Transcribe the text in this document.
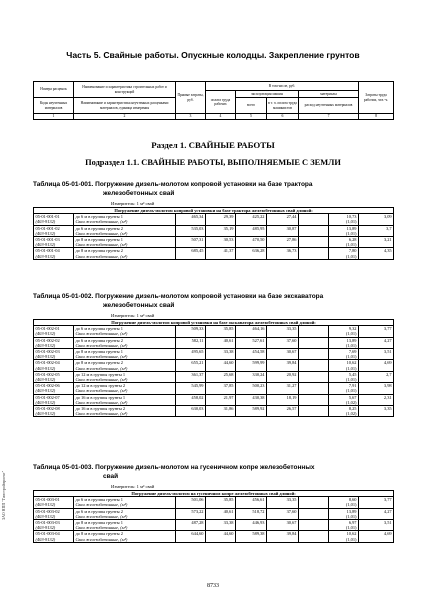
Часть 5. Свайные работы. Опускные колодцы. Закрепление грунтов
Номера расценок	Наименование и характеристика строительных работ и конструкций	Прямые затраты, руб.	В том числе, руб.				Затраты труда рабочих, чел.-ч.
			оплата труда рабочих	эксплуатация машин		материалы	
Коды неучтенных материалов	Наименование и характеристика неучтенных расценками материалов, единица измерения			всего	в т. ч. оплата труда машинистов	расход неучтенных материалов	

1	2	3	4	5	6	7	8
Раздел 1. СВАЙНЫЕ РАБОТЫ
Подраздел 1.1. СВАЙНЫЕ РАБОТЫ, ВЫПОЛНЯЕМЫЕ С ЗЕМЛИ
Таблица 05-01-001. Погружение дизель-молотом копровой установки на базе трактора
железобетонных свай
Измеритель: 1 м³ свай
Погружение дизель-молотом копровой установки на базе трактора железобетонных свай длиной:								
05-01-001-01	до 6 м в группы грунты 1	465,34	29,39	425,22	27,44		10,73	3,09
(403-9132)	Сваи железобетонные, (м³)						(1,01)	
05-01-001-02	до 6 м в группы грунты 2	535,03	35,19	485,95	30,87		13,89	3,7
(403-9132)	Сваи железобетонные, (м³)						(1,01)	
05-01-001-03	до 8 м в группы грунты 1	507,31	30,53	470,50	27,86		6,28	3,21
(403-9132)	Сваи железобетонные, (м³)						(1,01)	
05-01-001-04	до 8 м в группы грунты 2	685,45	41,37	636,28	36,73		7,80	4,35
(403-9132)	Сваи железобетонные, (м³)						(1,01)	
Таблица 05-01-002. Погружение дизель-молотом копровой установки на базе экскаватора
железобетонных свай
Измеритель: 1 м³ свай
Погружение дизель-молотом копровой установки на базе экскаватора железобетонных свай длиной:								
05-01-002-01	до 6 м в группы грунты 1	509,33	35,85	464,16	33,35		9,32	3,77
(403-9132)	Сваи железобетонные, (м³)						(1,01)	
05-01-002-02	до 6 м в группы грунты 2	582,11	40,61	527,61	37,60		13,89	4,27
(403-9132)	Сваи железобетонные, (м³)						(1,01)	
05-01-002-03	до 8 м в группы грунты 1	495,65	33,38	454,58	30,67		7,69	3,51
(403-9132)	Сваи железобетонные, (м³)						(1,01)	
05-01-002-04	до 8 м в группы грунты 2	655,21	44,60	599,99	39,84		10,62	4,69
(403-9132)	Сваи железобетонные, (м³)						(1,01)	
05-01-002-05	до 12 м в группы грунты 1	361,37	25,68	330,24	20,92		5,45	2,7
(403-9132)	Сваи железобетонные, (м³)						(1,01)	
05-01-002-06	до 12 м в группы грунты 2	545,99	37,85	500,23	31,27		7,91	3,98
(403-9132)	Сваи железобетонные, (м³)						(1,01)	
05-01-002-07	до 16 м в группы грунты 1	458,02	21,97	430,38	18,19		5,67	2,31
(403-9132)	Сваи железобетонные, (м³)						(1,02)	
05-01-002-08	до 16 м в группы грунты 2	630,03	31,86	589,92	26,57		8,25	3,35
(403-9132)	Сваи железобетонные, (м³)						(1,02)	
Таблица 05-01-003. Погружение дизель-молотом на гусеничном копре железобетонных
свай
Измеритель: 1 м³ свай
Погружение дизель-молотом на гусеничном копре железобетонных свай длиной:								
05-01-003-01	до 6 м в группы грунты 1	501,06	35,85	456,61	33,35		8,60	3,77
(403-9132)	Сваи железобетонные, (м³)						(1,01)	
05-01-003-02	до 6 м в группы грунты 2	573,22	40,61	518,72	37,60		13,89	4,27
(403-9132)	Сваи железобетонные, (м³)						(1,01)	
05-01-003-03	до 8 м в группы грунты 1	487,28	33,38	446,93	30,67		6,97	3,51
(403-9132)	Сваи железобетонные, (м³)						(1,01)	
05-01-003-04	до 8 м в группы грунты 2	644,60	44,60	589,38	39,84		10,62	4,69
(403-9132)	Сваи железобетонные, (м³)						(1,01)	
8733
ЗАО НПП "Гипстройпроект"
